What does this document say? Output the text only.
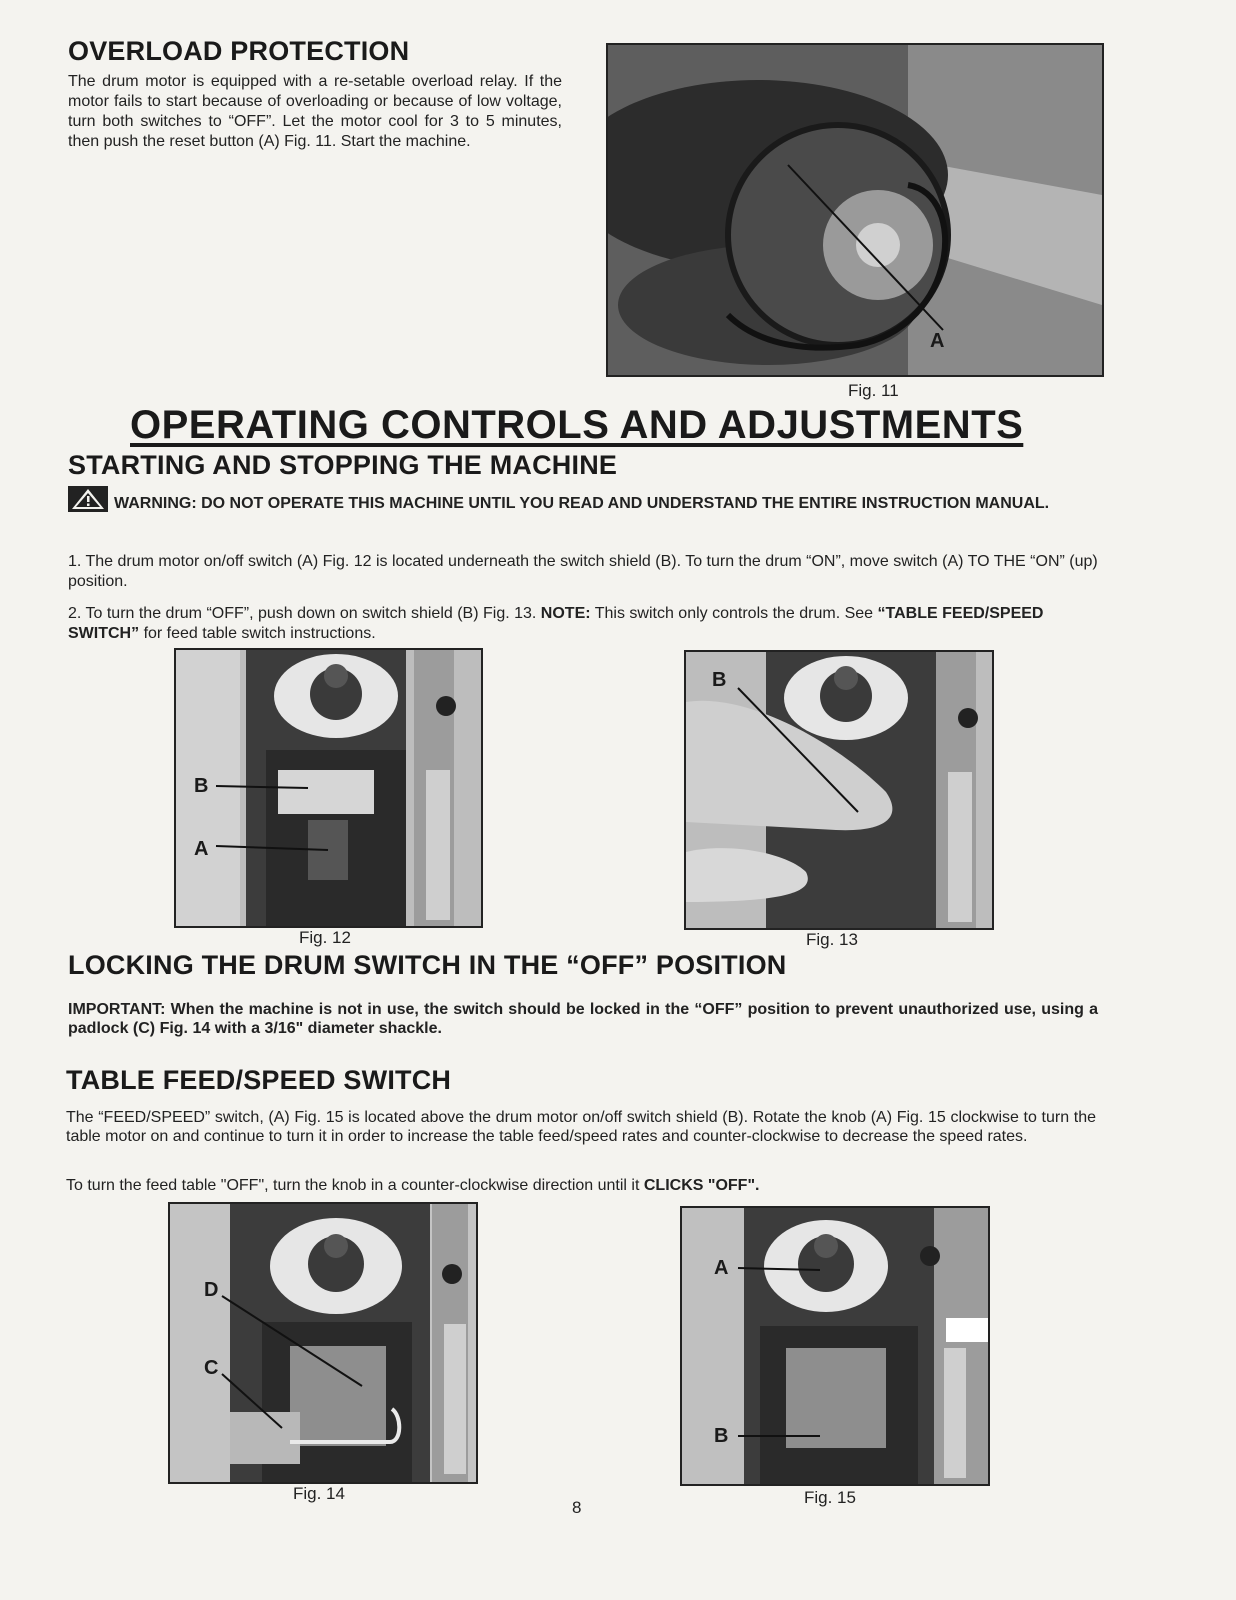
OVERLOAD PROTECTION
The drum motor is equipped with a re-setable overload relay. If the motor fails to start because of overloading or because of low voltage, turn both switches to “OFF”. Let the motor cool for 3 to 5 minutes, then push the reset button (A) Fig. 11. Start the machine.
A
Fig. 11
OPERATING CONTROLS AND ADJUSTMENTS
STARTING AND STOPPING THE MACHINE
WARNING: DO NOT OPERATE THIS MACHINE UNTIL YOU READ AND UNDERSTAND THE ENTIRE INSTRUCTION MANUAL.
1. The drum motor on/off switch (A) Fig. 12 is located underneath the switch shield (B). To turn the drum “ON”, move switch (A) TO THE “ON” (up) position.
2. To turn the drum “OFF”, push down on switch shield (B) Fig. 13. NOTE: This switch only controls the drum. See “TABLE FEED/SPEED SWITCH” for feed table switch instructions.
B
A
Fig. 12
B
Fig. 13
LOCKING THE DRUM SWITCH IN THE “OFF” POSITION
IMPORTANT: When the machine is not in use, the switch should be locked in the “OFF” position to prevent unauthorized use, using a padlock (C) Fig. 14 with a 3/16" diameter shackle.
TABLE FEED/SPEED SWITCH
The “FEED/SPEED” switch, (A) Fig. 15 is located above the drum motor on/off switch shield (B). Rotate the knob (A) Fig. 15 clockwise to turn the table motor on and continue to turn it in order to increase the table feed/speed rates and counter-clockwise to decrease the speed rates.
To turn the feed table "OFF", turn the knob in a counter-clockwise direction until it CLICKS "OFF".
D
C
Fig. 14
A
B
Fig. 15
8
